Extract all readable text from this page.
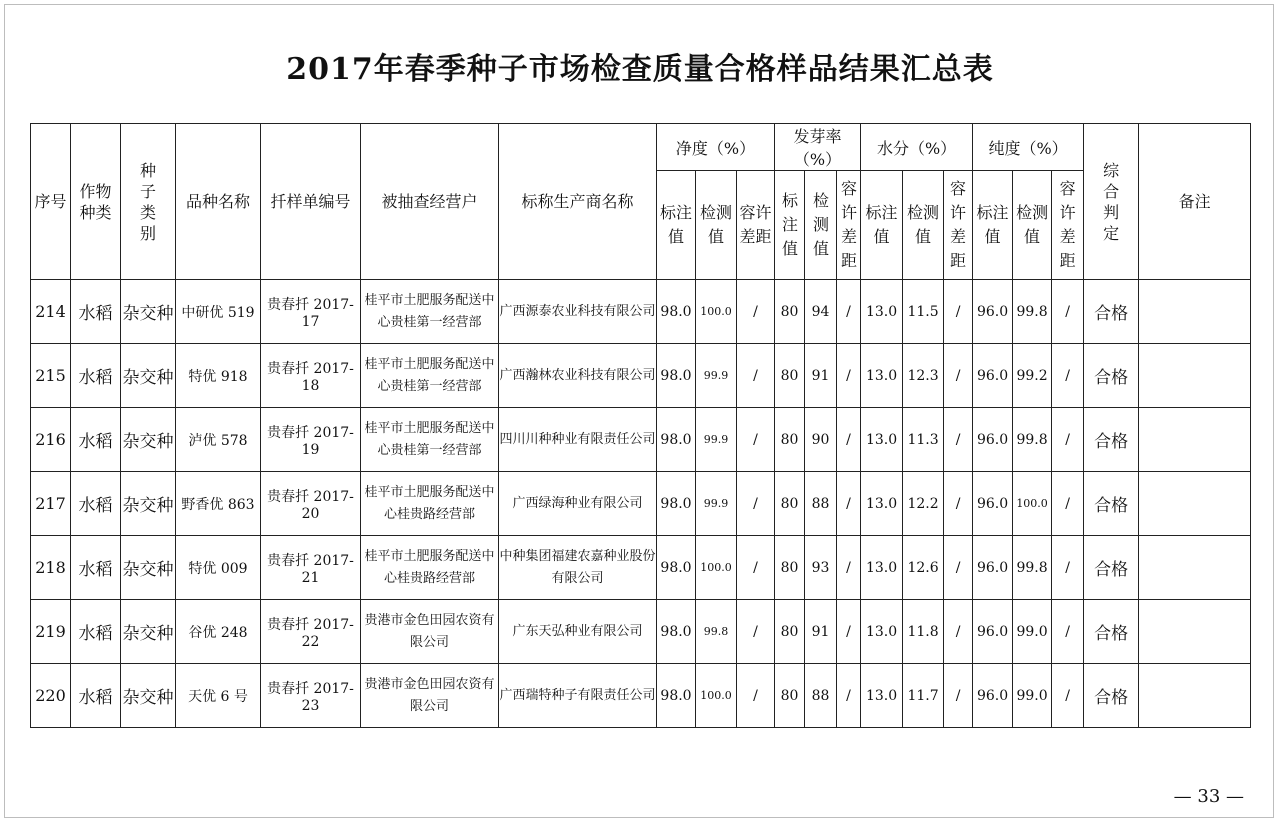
2017年春季种子市场检查质量合格样品结果汇总表
序号	作物种类	种子类别	品种名称	扦样单编号	被抽查经营户	标称生产商名称	净度（%）			发芽率（%）			水分（%）			纯度（%）			综合判定	备注
							标注值	检测值	容许差距	标注值	检测值	容许差距	标注值	检测值	容许差距	标注值	检测值	容许差距		
214	水稻	杂交种	中研优 519	贵春扦 2017-17	桂平市土肥服务配送中心贵桂第一经营部	广西源泰农业科技有限公司	98.0	100.0	/	80	94	/	13.0	11.5	/	96.0	99.8	/	合格	
215	水稻	杂交种	特优 918	贵春扦 2017-18	桂平市土肥服务配送中心贵桂第一经营部	广西瀚林农业科技有限公司	98.0	99.9	/	80	91	/	13.0	12.3	/	96.0	99.2	/	合格	
216	水稻	杂交种	泸优 578	贵春扦 2017-19	桂平市土肥服务配送中心贵桂第一经营部	四川川种种业有限责任公司	98.0	99.9	/	80	90	/	13.0	11.3	/	96.0	99.8	/	合格	
217	水稻	杂交种	野香优 863	贵春扦 2017-20	桂平市土肥服务配送中心桂贵路经营部	广西绿海种业有限公司	98.0	99.9	/	80	88	/	13.0	12.2	/	96.0	100.0	/	合格	
218	水稻	杂交种	特优 009	贵春扦 2017-21	桂平市土肥服务配送中心桂贵路经营部	中种集团福建农嘉种业股份有限公司	98.0	100.0	/	80	93	/	13.0	12.6	/	96.0	99.8	/	合格	
219	水稻	杂交种	谷优 248	贵春扦 2017-22	贵港市金色田园农资有限公司	广东天弘种业有限公司	98.0	99.8	/	80	91	/	13.0	11.8	/	96.0	99.0	/	合格	
220	水稻	杂交种	天优 6 号	贵春扦 2017-23	贵港市金色田园农资有限公司	广西瑞特种子有限责任公司	98.0	100.0	/	80	88	/	13.0	11.7	/	96.0	99.0	/	合格	
— 33 —
